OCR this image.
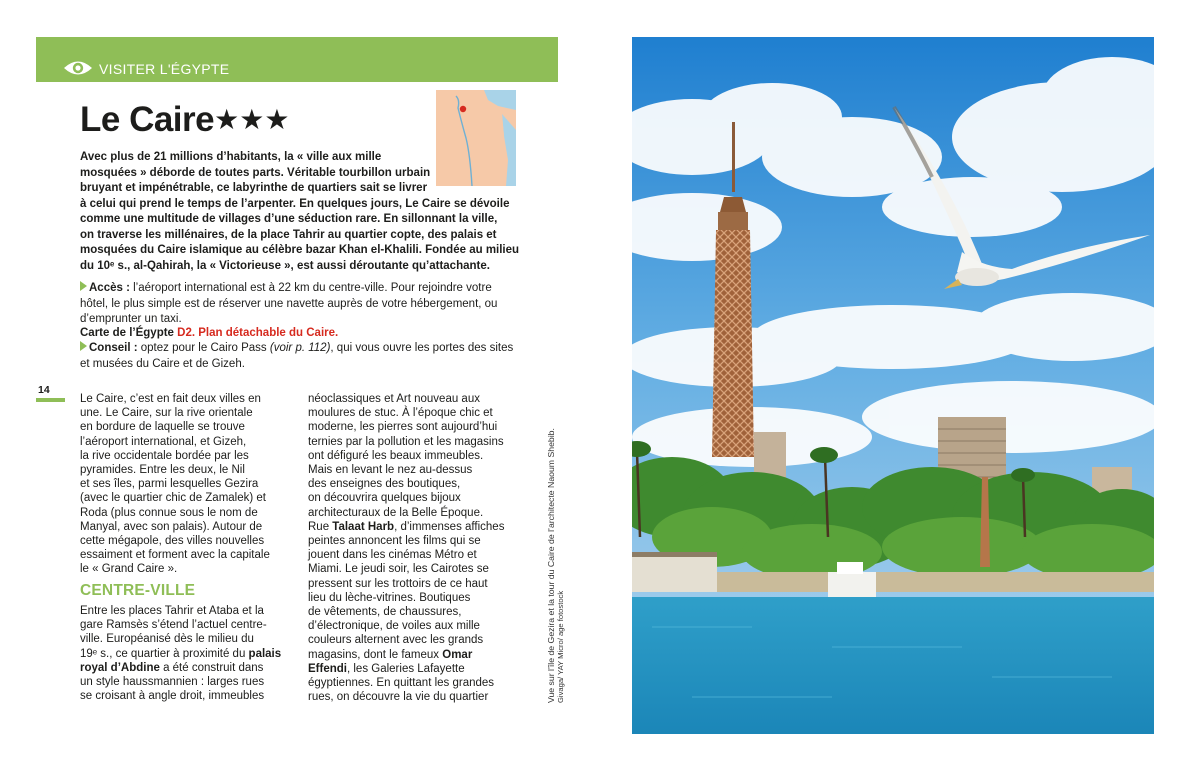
VISITER L'ÉGYPTE
Le Caire★★★
Avec plus de 21 millions d’habitants, la « ville aux mille
mosquées » déborde de toutes parts. Véritable tourbillon urbain
bruyant et impénétrable, ce labyrinthe de quartiers sait se livrer
à celui qui prend le temps de l’arpenter. En quelques jours, Le Caire se dévoile
comme une multitude de villages d’une séduction rare. En sillonnant la ville,
on traverse les millénaires, de la place Tahrir au quartier copte, des palais et
mosquées du Caire islamique au célèbre bazar Khan el-Khalili. Fondée au milieu
du 10ᵉ s., al-Qahirah, la « Victorieuse », est aussi déroutante qu’attachante.
Accès : l’aéroport international est à 22 km du centre-ville. Pour rejoindre votre
hôtel, le plus simple est de réserver une navette auprès de votre hébergement, ou
d’emprunter un taxi.
Carte de l’Égypte D2. Plan détachable du Caire.
Conseil : optez pour le Cairo Pass (voir p. 112), qui vous ouvre les portes des sites
et musées du Caire et de Gizeh.
14
Le Caire, c’est en fait deux villes en
une. Le Caire, sur la rive orientale
en bordure de laquelle se trouve
l’aéroport international, et Gizeh,
la rive occidentale bordée par les
pyramides. Entre les deux, le Nil
et ses îles, parmi lesquelles Gezira
(avec le quartier chic de Zamalek) et
Roda (plus connue sous le nom de
Manyal, avec son palais). Autour de
cette mégapole, des villes nouvelles
essaiment et forment avec la capitale
le « Grand Caire ».
CENTRE-VILLE
Entre les places Tahrir et Ataba et la
gare Ramsès s’étend l’actuel centre-
ville. Européanisé dès le milieu du
19ᵉ s., ce quartier à proximité du palais
royal d’Abdine a été construit dans
un style haussmannien : larges rues
se croisant à angle droit, immeubles
néoclassiques et Art nouveau aux
moulures de stuc. À l’époque chic et
moderne, les pierres sont aujourd’hui
ternies par la pollution et les magasins
ont défiguré les beaux immeubles.
Mais en levant le nez au-dessus
des enseignes des boutiques,
on découvrira quelques bijoux
architecturaux de la Belle Époque.
Rue Talaat Harb, d’immenses affiches
peintes annoncent les films qui se
jouent dans les cinémas Métro et
Miami. Le jeudi soir, les Cairotes se
pressent sur les trottoirs de ce haut
lieu du lèche-vitrines. Boutiques
de vêtements, de chaussures,
d’électronique, de voiles aux mille
couleurs alternent avec les grands
magasins, dont le fameux Omar
Effendi, les Galeries Lafayette
égyptiennes. En quittant les grandes
rues, on découvre la vie du quartier	Vue sur l’île de Gezira et la tour du Caire de l’architecte Naoum Shebib. Givaga/ YAY Micro/ age fotostock
